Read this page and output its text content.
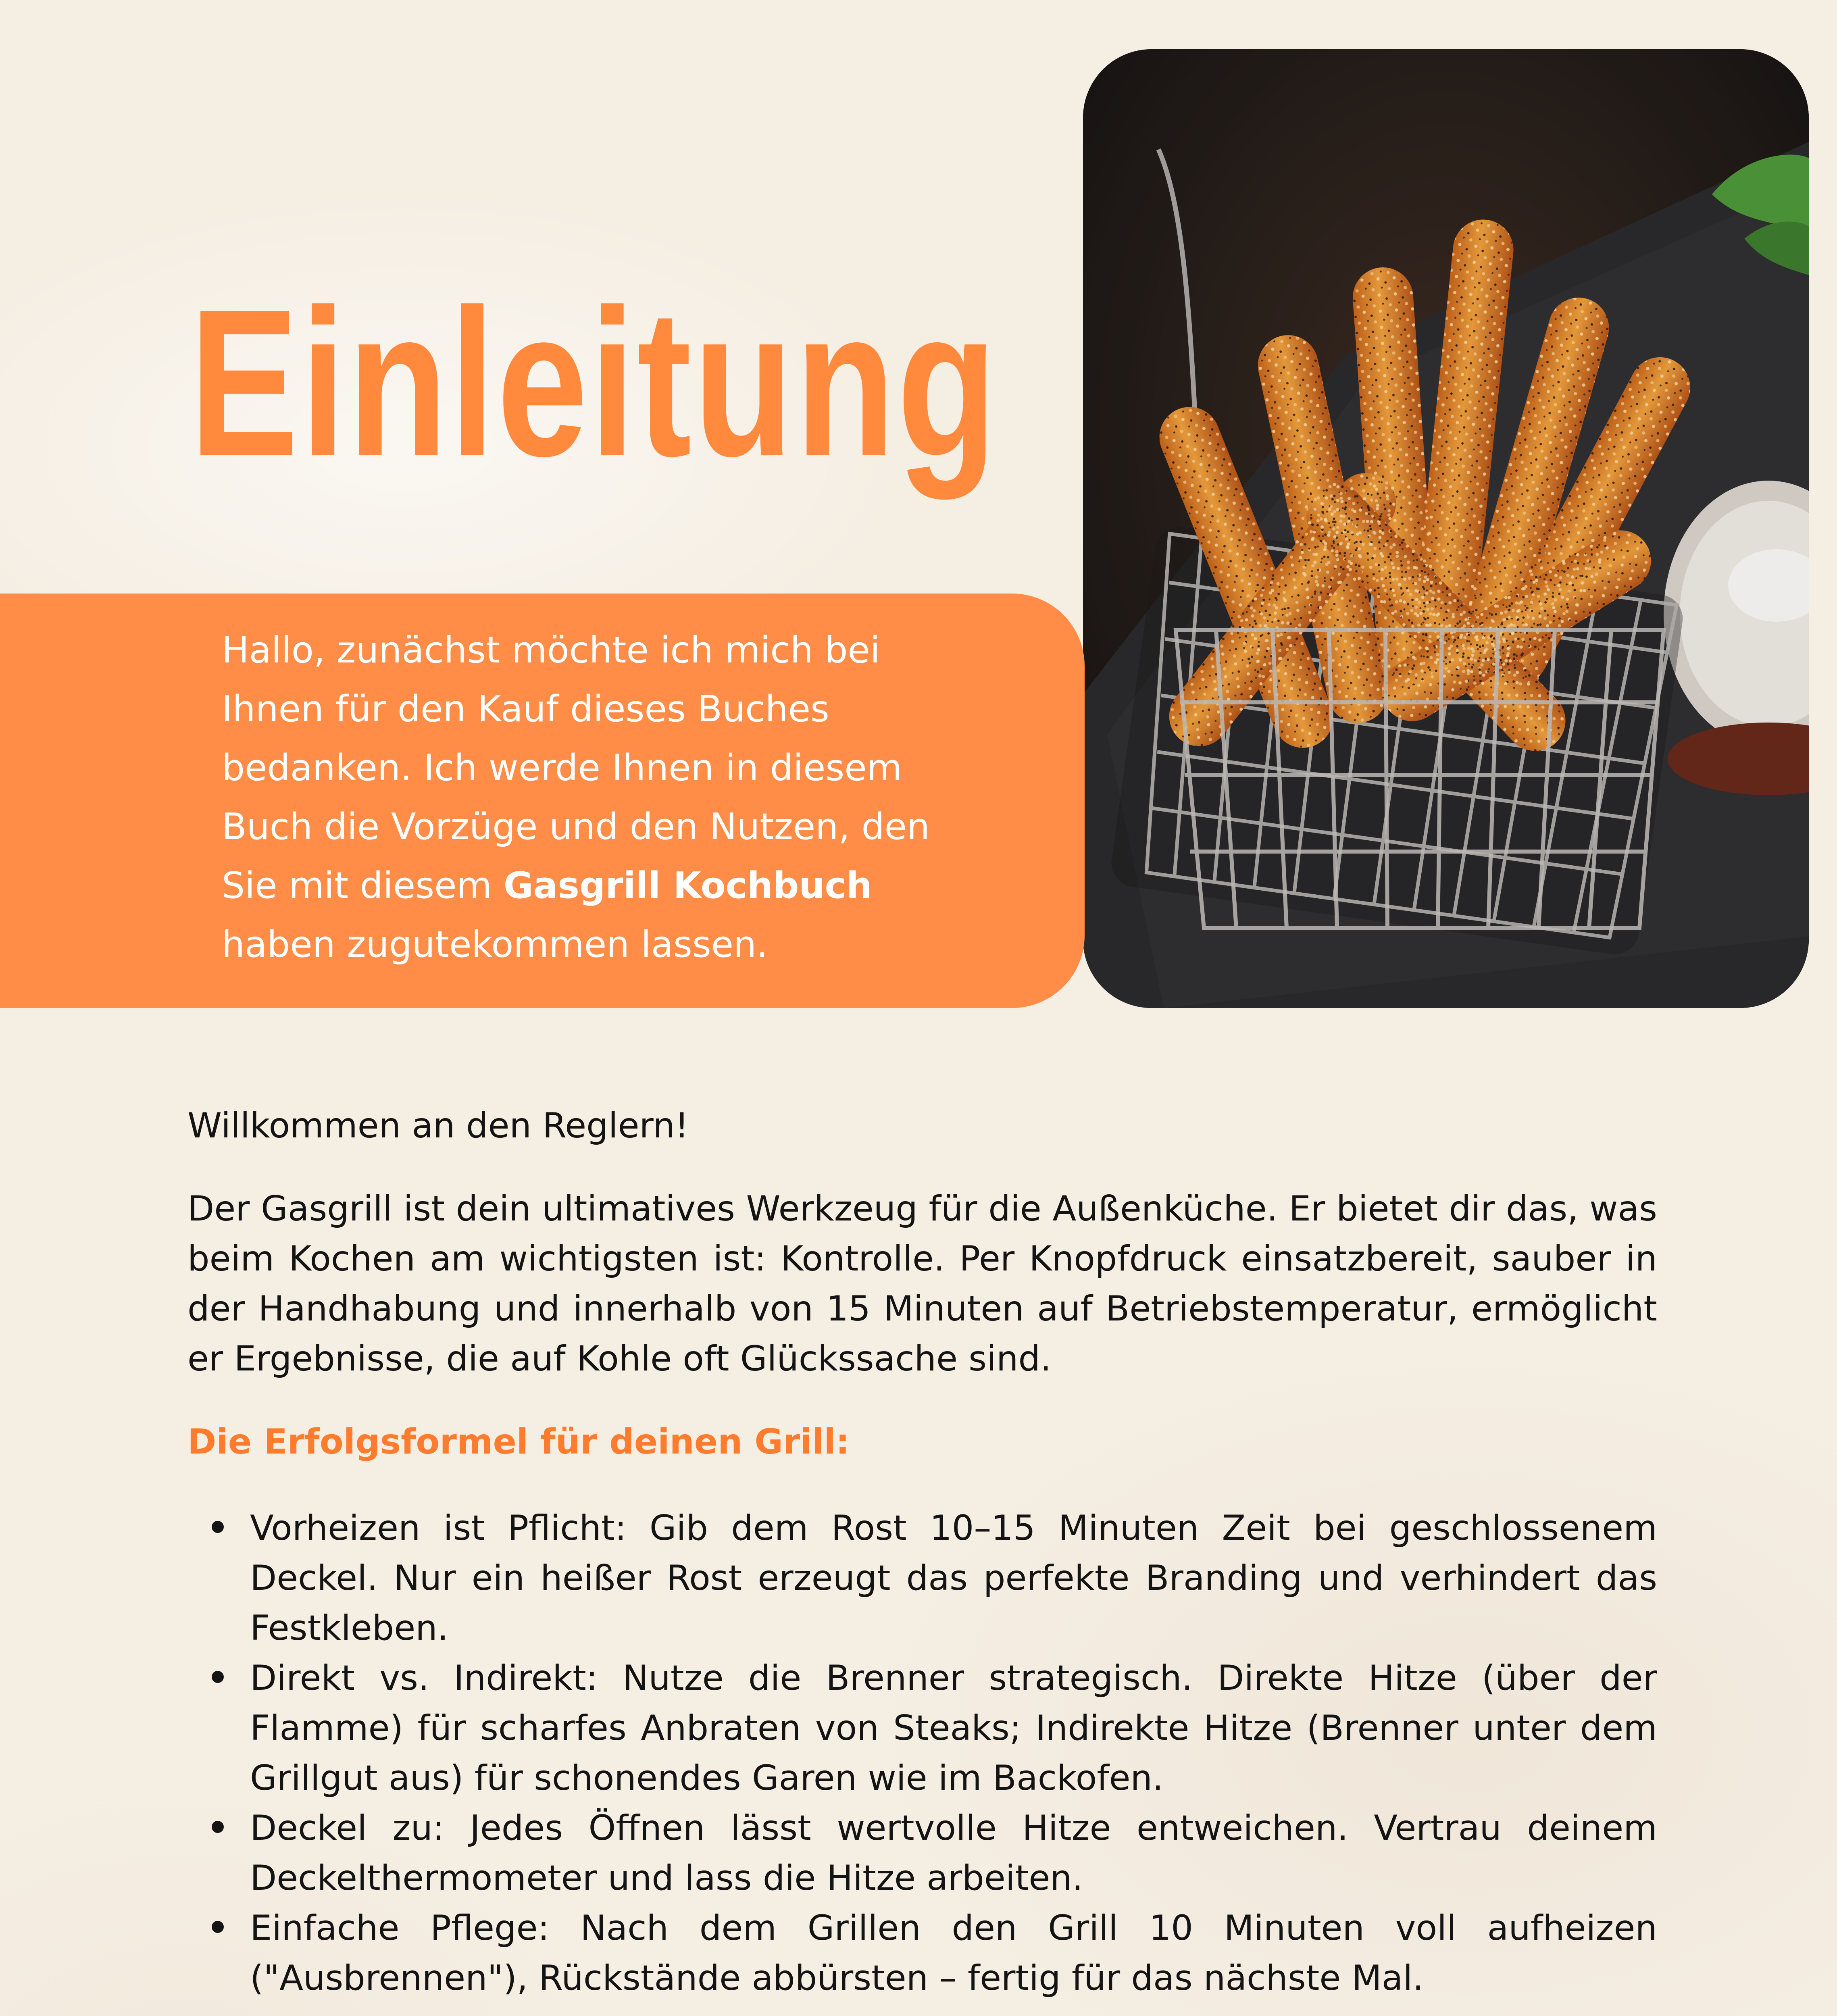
Einleitung

Hallo, zunächst möchte ich mich bei Ihnen für den Kauf dieses Buches bedanken. Ich werde Ihnen in diesem Buch die Vorzüge und den Nutzen, den Sie mit diesem Gasgrill Kochbuch haben zugutekommen lassen.

Willkommen an den Reglern!

Der Gasgrill ist dein ultimatives Werkzeug für die Außenküche. Er bietet dir das, was beim Kochen am wichtigsten ist: Kontrolle. Per Knopfdruck einsatzbereit, sauber in der Handhabung und innerhalb von 15 Minuten auf Betriebstemperatur, ermöglicht er Ergebnisse, die auf Kohle oft Glückssache sind.

Die Erfolgsformel für deinen Grill:

Vorheizen ist Pflicht: Gib dem Rost 10–15 Minuten Zeit bei geschlossenem Deckel. Nur ein heißer Rost erzeugt das perfekte Branding und verhindert das Festkleben.
Direkt vs. Indirekt: Nutze die Brenner strategisch. Direkte Hitze (über der Flamme) für scharfes Anbraten von Steaks; Indirekte Hitze (Brenner unter dem Grillgut aus) für schonendes Garen wie im Backofen.
Deckel zu: Jedes Öffnen lässt wertvolle Hitze entweichen. Vertrau deinem Deckelthermometer und lass die Hitze arbeiten.
Einfache Pflege: Nach dem Grillen den Grill 10 Minuten voll aufheizen ("Ausbrennen"), Rückstände abbürsten – fertig für das nächste Mal.
